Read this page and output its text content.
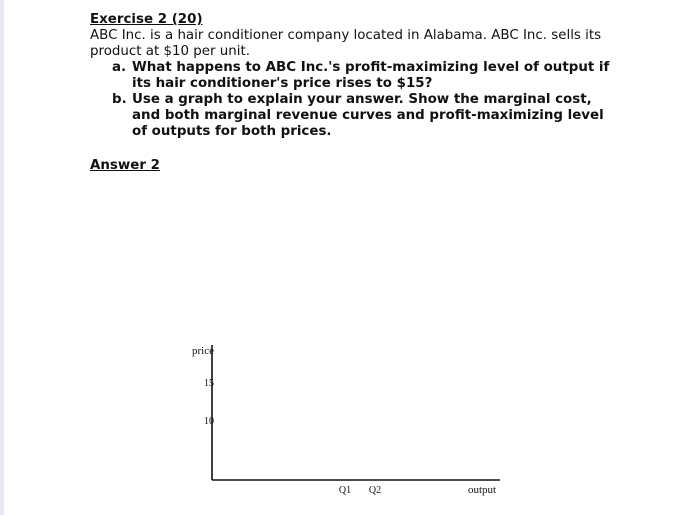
Exercise 2 (20)
ABC Inc. is a hair conditioner company located in Alabama. ABC Inc. sells its
product at $10 per unit.
a. What happens to ABC Inc.'s profit-maximizing level of output if
its hair conditioner's price rises to $15?
b. Use a graph to explain your answer. Show the marginal cost,
and both marginal revenue curves and profit-maximizing level
of outputs for both prices.
Answer 2
price
15
10
Q1 Q2	output
